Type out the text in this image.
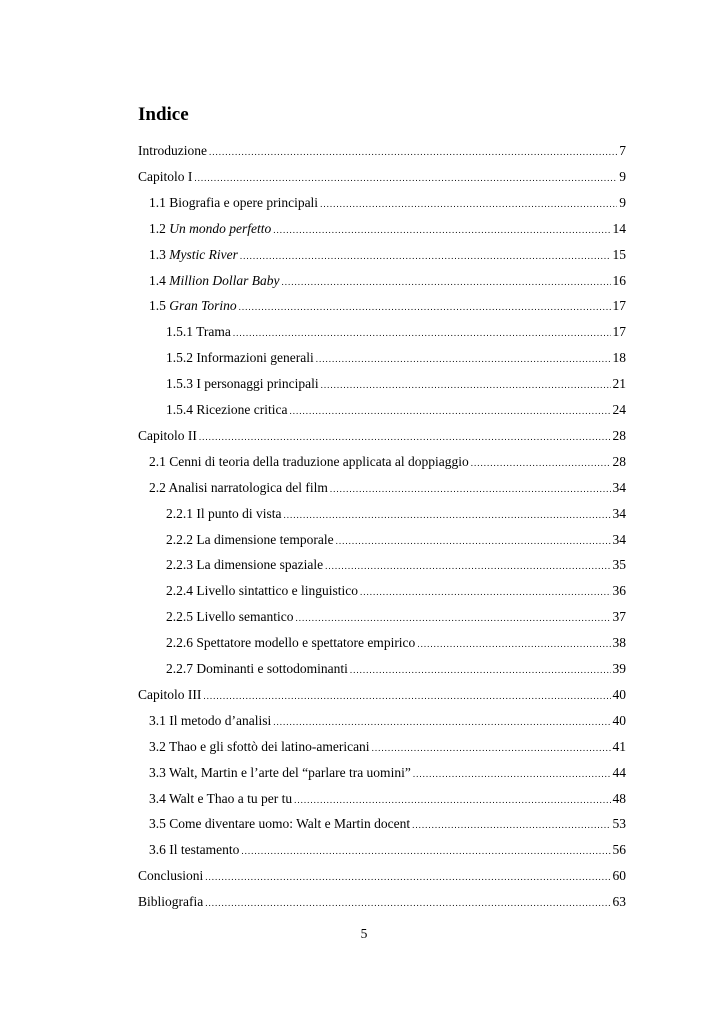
Indice
Introduzione .....	7
Capitolo I .....	9
1.1 Biografia e opere principali .....	9
1.2 Un mondo perfetto .....	14
1.3 Mystic River .....	15
1.4 Million Dollar Baby .....	16
1.5 Gran Torino .....	17
1.5.1 Trama .....	17
1.5.2 Informazioni generali .....	18
1.5.3 I personaggi principali .....	21
1.5.4 Ricezione critica .....	24
Capitolo II .....	28
2.1 Cenni di teoria della traduzione applicata al doppiaggio .....	28
2.2 Analisi narratologica del film .....	34
2.2.1 Il punto di vista .....	34
2.2.2 La dimensione temporale .....	34
2.2.3 La dimensione spaziale .....	35
2.2.4 Livello sintattico e linguistico .....	36
2.2.5 Livello semantico .....	37
2.2.6 Spettatore modello e spettatore empirico .....	38
2.2.7 Dominanti e sottodominanti .....	39
Capitolo III .....	40
3.1 Il metodo d’analisi .....	40
3.2 Thao e gli sfottò dei latino-americani .....	41
3.3 Walt, Martin e l’arte del “parlare tra uomini” .....	44
3.4 Walt e Thao a tu per tu .....	48
3.5 Come diventare uomo: Walt e Martin docent .....	53
3.6 Il testamento .....	56
Conclusioni .....	60
Bibliografia .....	63
5
